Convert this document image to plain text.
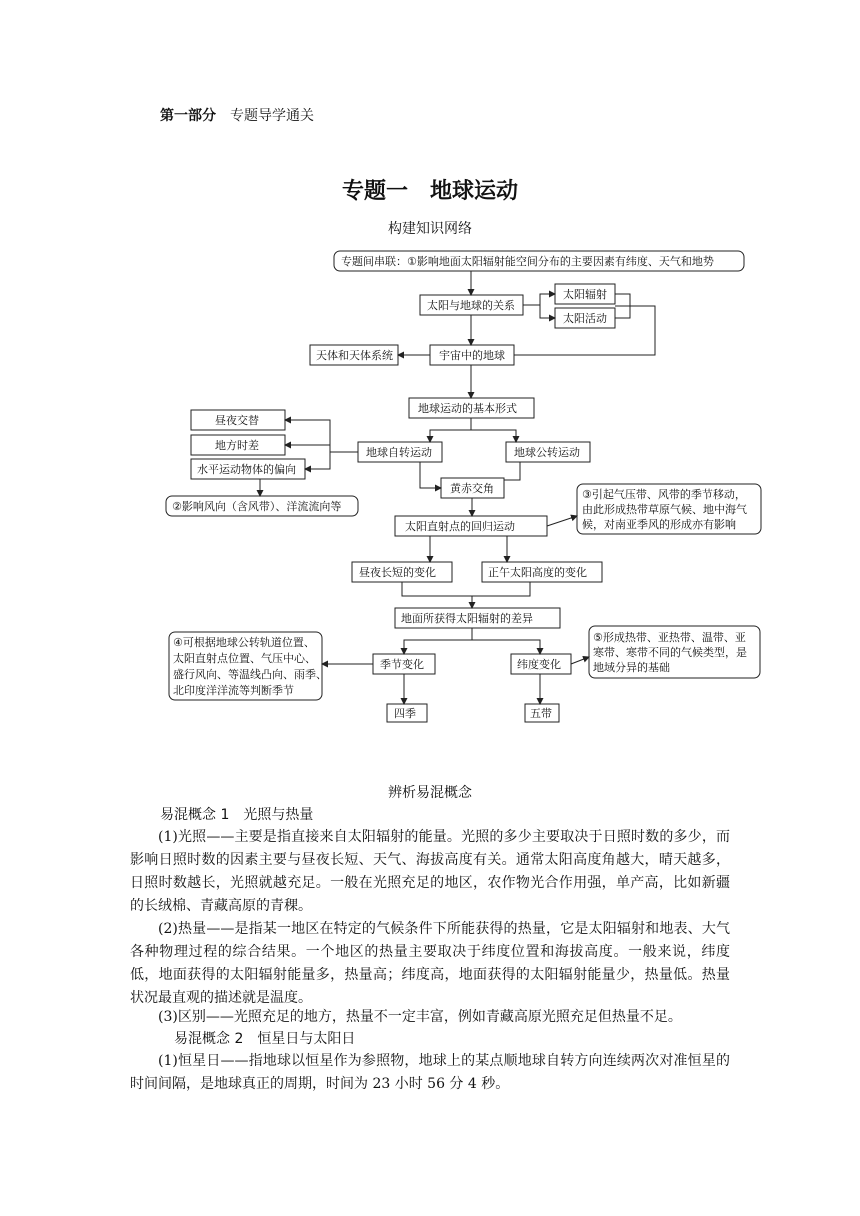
第一部分 专题导学通关
专题一　地球运动
构建知识网络
专题间串联：①影响地面太阳辐射能空间分布的主要因素有纬度、天气和地势
太阳与地球的关系
太阳辐射
太阳活动
天体和天体系统	宇宙中的地球
地球运动的基本形式
昼夜交替
地方时差
水平运动物体的偏向
地球自转运动	地球公转运动
②影响风向（含风带）、洋流流向等
黄赤交角	③引起气压带、风带的季节移动，
由此形成热带草原气候、地中海气
候，对南亚季风的形成亦有影响
太阳直射点的回归运动
昼夜长短的变化	正午太阳高度的变化
地面所获得太阳辐射的差异
④可根据地球公转轨道位置、
太阳直射点位置、气压中心、
盛行风向、等温线凸向、雨季、
北印度洋洋流等判断季节
季节变化	纬度变化
⑤形成热带、亚热带、温带、亚
寒带、寒带不同的气候类型，是
地域分异的基础
四季	五带
辨析易混概念
易混概念 1　光照与热量
(1)光照——主要是指直接来自太阳辐射的能量。光照的多少主要取决于日照时数的多少，而影响日照时数的因素主要与昼夜长短、天气、海拔高度有关。通常太阳高度角越大，晴天越多，日照时数越长，光照就越充足。一般在光照充足的地区，农作物光合作用强，单产高，比如新疆的长绒棉、青藏高原的青稞。
(2)热量——是指某一地区在特定的气候条件下所能获得的热量，它是太阳辐射和地表、大气各种物理过程的综合结果。一个地区的热量主要取决于纬度位置和海拔高度。一般来说，纬度低，地面获得的太阳辐射能量多，热量高；纬度高，地面获得的太阳辐射能量少，热量低。热量状况最直观的描述就是温度。
(3)区别——光照充足的地方，热量不一定丰富，例如青藏高原光照充足但热量不足。
易混概念 2　恒星日与太阳日
(1)恒星日——指地球以恒星作为参照物，地球上的某点顺地球自转方向连续两次对准恒星的时间间隔，是地球真正的周期，时间为 23 小时 56 分 4 秒。
